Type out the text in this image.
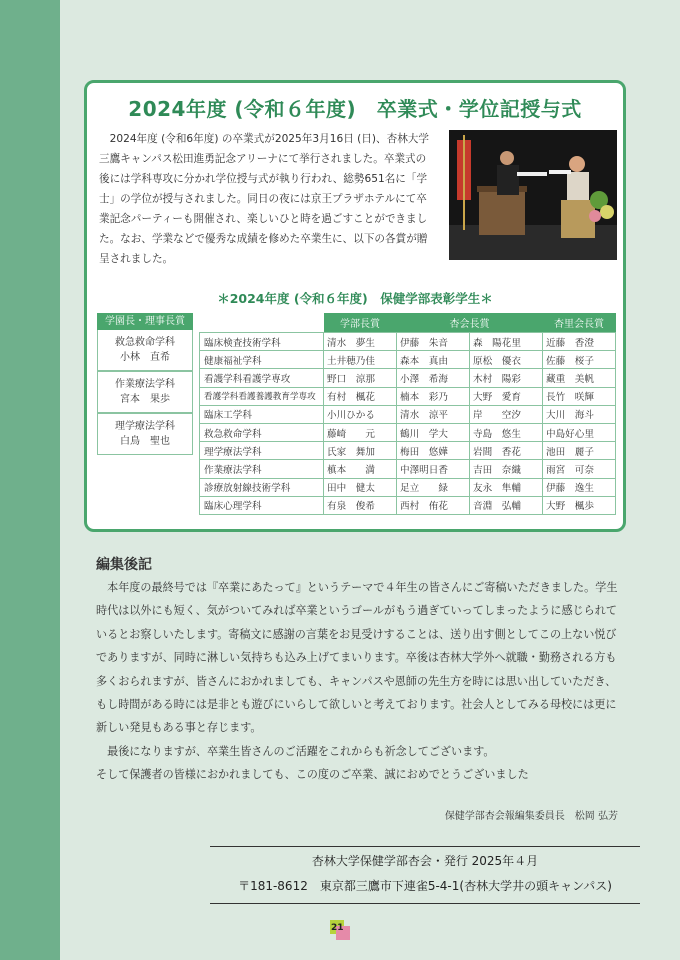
2024年度 (令和６年度)　卒業式・学位記授与式
2024年度 (令和6年度) の卒業式が2025年3月16日 (日)、杏林大学三鷹キャンパス松田進勇記念アリーナにて挙行されました。卒業式の後には学科専攻に分かれ学位授与式が執り行われ、総勢651名に「学士」の学位が授与されました。同日の夜には京王プラザホテルにて卒業記念パーティーも開催され、楽しいひと時を過ごすことができました。なお、学業などで優秀な成績を修めた卒業生に、以下の各賞が贈呈されました。
＊2024年度 (令和６年度)　保健学部表彰学生＊
学園長・理事長賞
救急救命学科
小林　直希
作業療法学科
宮本　果歩
理学療法学科
白鳥　聖也
	学部長賞	杏会長賞		杏里会長賞
臨床検査技術学科	清水　夢生	伊藤　朱音	森　陽花里	近藤　香澄
健康福祉学科	土井穂乃佳	森本　真由	原松　優衣	佐藤　桜子
看護学科看護学専攻	野口　涼那	小澤　希海	木村　陽彩	藏重　美帆
看護学科看護養護教育学専攻	有村　楓花	楠本　彩乃	大野　愛育	長竹　咲輝
臨床工学科	小川ひかる	清水　涼平	岸　　空汐	大川　海斗
救急救命学科	藤崎　　元	鶴川　学大	寺島　悠生	中島好心里
理学療法学科	氏家　舞加	梅田　悠嬅	岩間　香花	池田　麗子
作業療法学科	槙本　　満	中澤明日香	吉田　奈織	雨宮　可奈
診療放射線技術学科	田中　健太	足立　　緑	友永　隼輔	伊藤　逸生
臨床心理学科	有泉　俊希	西村　侑花	音淵　弘輔	大野　楓歩
編集後記

本年度の最終号では『卒業にあたって』というテーマで４年生の皆さんにご寄稿いただきました。学生時代は以外にも短く、気がついてみれば卒業というゴールがもう過ぎていってしまったように感じられているとお察しいたします。寄稿文に感謝の言葉をお見受けすることは、送り出す側としてこの上ない悦びでありますが、同時に淋しい気持ちも込み上げてまいります。卒後は杏林大学外へ就職・勤務される方も多くおられますが、皆さんにおかれましても、キャンパスや恩師の先生方を時には思い出していただき、もし時間がある時には是非とも遊びにいらして欲しいと考えております。社会人としてみる母校には更に新しい発見もある事と存じます。

最後になりますが、卒業生皆さんのご活躍をこれからも祈念してございます。

そして保護者の皆様におかれましても、この度のご卒業、誠におめでとうございました

保健学部杏会報編集委員長　松岡 弘芳
杏林大学保健学部杏会・発行 2025年４月
〒181-8612　東京都三鷹市下連雀5-4-1(杏林大学井の頭キャンパス)
21
